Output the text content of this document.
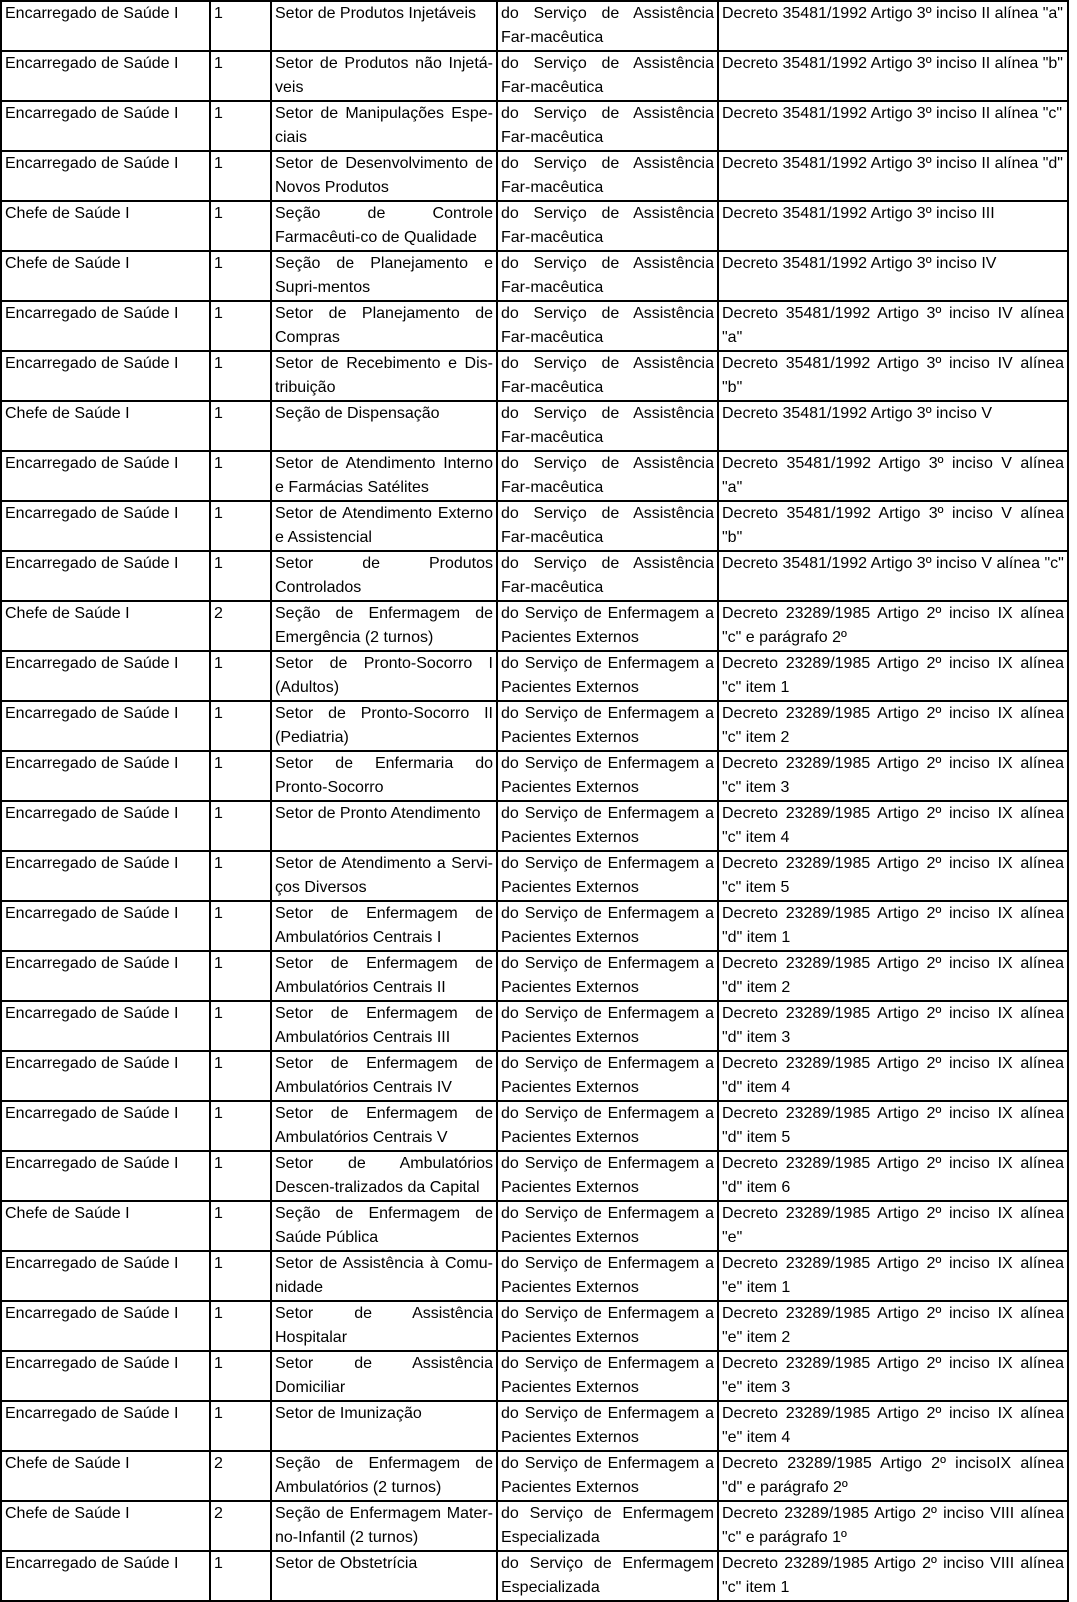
Encarregado de Saúde I	1	Setor de Produtos Injetáveis	do Serviço de Assistência Far-macêutica	Decreto 35481/1992 Artigo 3º inciso II alínea "a"
Encarregado de Saúde I	1	Setor de Produtos não Injetá-veis	do Serviço de Assistência Far-macêutica	Decreto 35481/1992 Artigo 3º inciso II alínea "b"
Encarregado de Saúde I	1	Setor de Manipulações Espe-ciais	do Serviço de Assistência Far-macêutica	Decreto 35481/1992 Artigo 3º inciso II alínea "c"
Encarregado de Saúde I	1	Setor de Desenvolvimento de Novos Produtos	do Serviço de Assistência Far-macêutica	Decreto 35481/1992 Artigo 3º inciso II alínea "d"
Chefe de Saúde I	1	Seção de Controle Farmacêuti-co de Qualidade	do Serviço de Assistência Far-macêutica	Decreto 35481/1992 Artigo 3º inciso III
Chefe de Saúde I	1	Seção de Planejamento e Supri-mentos	do Serviço de Assistência Far-macêutica	Decreto 35481/1992 Artigo 3º inciso IV
Encarregado de Saúde I	1	Setor de Planejamento de Compras	do Serviço de Assistência Far-macêutica	Decreto 35481/1992 Artigo 3º inciso IV alínea "a"
Encarregado de Saúde I	1	Setor de Recebimento e Dis-tribuição	do Serviço de Assistência Far-macêutica	Decreto 35481/1992 Artigo 3º inciso IV alínea "b"
Chefe de Saúde I	1	Seção de Dispensação	do Serviço de Assistência Far-macêutica	Decreto 35481/1992 Artigo 3º inciso V
Encarregado de Saúde I	1	Setor de Atendimento Interno e Farmácias Satélites	do Serviço de Assistência Far-macêutica	Decreto 35481/1992 Artigo 3º inciso V alínea "a"
Encarregado de Saúde I	1	Setor de Atendimento Externo e Assistencial	do Serviço de Assistência Far-macêutica	Decreto 35481/1992 Artigo 3º inciso V alínea "b"
Encarregado de Saúde I	1	Setor de Produtos Controlados	do Serviço de Assistência Far-macêutica	Decreto 35481/1992 Artigo 3º inciso V alínea "c"
Chefe de Saúde I	2	Seção de Enfermagem de Emergência (2 turnos)	do Serviço de Enfermagem a Pacientes Externos	Decreto 23289/1985 Artigo 2º inciso IX alínea "c" e parágrafo 2º
Encarregado de Saúde I	1	Setor de Pronto-Socorro I (Adultos)	do Serviço de Enfermagem a Pacientes Externos	Decreto 23289/1985 Artigo 2º inciso IX alínea "c" item 1
Encarregado de Saúde I	1	Setor de Pronto-Socorro II (Pediatria)	do Serviço de Enfermagem a Pacientes Externos	Decreto 23289/1985 Artigo 2º inciso IX alínea "c" item 2
Encarregado de Saúde I	1	Setor de Enfermaria do Pronto-Socorro	do Serviço de Enfermagem a Pacientes Externos	Decreto 23289/1985 Artigo 2º inciso IX alínea "c" item 3
Encarregado de Saúde I	1	Setor de Pronto Atendimento	do Serviço de Enfermagem a Pacientes Externos	Decreto 23289/1985 Artigo 2º inciso IX alínea "c" item 4
Encarregado de Saúde I	1	Setor de Atendimento a Servi-ços Diversos	do Serviço de Enfermagem a Pacientes Externos	Decreto 23289/1985 Artigo 2º inciso IX alínea "c" item 5
Encarregado de Saúde I	1	Setor de Enfermagem de Ambulatórios Centrais I	do Serviço de Enfermagem a Pacientes Externos	Decreto 23289/1985 Artigo 2º inciso IX alínea "d" item 1
Encarregado de Saúde I	1	Setor de Enfermagem de Ambulatórios Centrais II	do Serviço de Enfermagem a Pacientes Externos	Decreto 23289/1985 Artigo 2º inciso IX alínea "d" item 2
Encarregado de Saúde I	1	Setor de Enfermagem de Ambulatórios Centrais III	do Serviço de Enfermagem a Pacientes Externos	Decreto 23289/1985 Artigo 2º inciso IX alínea "d" item 3
Encarregado de Saúde I	1	Setor de Enfermagem de Ambulatórios Centrais IV	do Serviço de Enfermagem a Pacientes Externos	Decreto 23289/1985 Artigo 2º inciso IX alínea "d" item 4
Encarregado de Saúde I	1	Setor de Enfermagem de Ambulatórios Centrais V	do Serviço de Enfermagem a Pacientes Externos	Decreto 23289/1985 Artigo 2º inciso IX alínea "d" item 5
Encarregado de Saúde I	1	Setor de Ambulatórios Descen-tralizados da Capital	do Serviço de Enfermagem a Pacientes Externos	Decreto 23289/1985 Artigo 2º inciso IX alínea "d" item 6
Chefe de Saúde I	1	Seção de Enfermagem de Saúde Pública	do Serviço de Enfermagem a Pacientes Externos	Decreto 23289/1985 Artigo 2º inciso IX alínea "e"
Encarregado de Saúde I	1	Setor de Assistência à Comu-nidade	do Serviço de Enfermagem a Pacientes Externos	Decreto 23289/1985 Artigo 2º inciso IX alínea "e" item 1
Encarregado de Saúde I	1	Setor de Assistência Hospitalar	do Serviço de Enfermagem a Pacientes Externos	Decreto 23289/1985 Artigo 2º inciso IX alínea "e" item 2
Encarregado de Saúde I	1	Setor de Assistência Domiciliar	do Serviço de Enfermagem a Pacientes Externos	Decreto 23289/1985 Artigo 2º inciso IX alínea "e" item 3
Encarregado de Saúde I	1	Setor de Imunização	do Serviço de Enfermagem a Pacientes Externos	Decreto 23289/1985 Artigo 2º inciso IX alínea "e" item 4
Chefe de Saúde I	2	Seção de Enfermagem de Ambulatórios (2 turnos)	do Serviço de Enfermagem a Pacientes Externos	Decreto 23289/1985 Artigo 2º incisoIX alínea "d" e parágrafo 2º
Chefe de Saúde I	2	Seção de Enfermagem Mater-no-Infantil (2 turnos)	do Serviço de Enfermagem Especializada	Decreto 23289/1985 Artigo 2º inciso VIII alínea "c" e parágrafo 1º
Encarregado de Saúde I	1	Setor de Obstetrícia	do Serviço de Enfermagem Especializada	Decreto 23289/1985 Artigo 2º inciso VIII alínea "c" item 1
